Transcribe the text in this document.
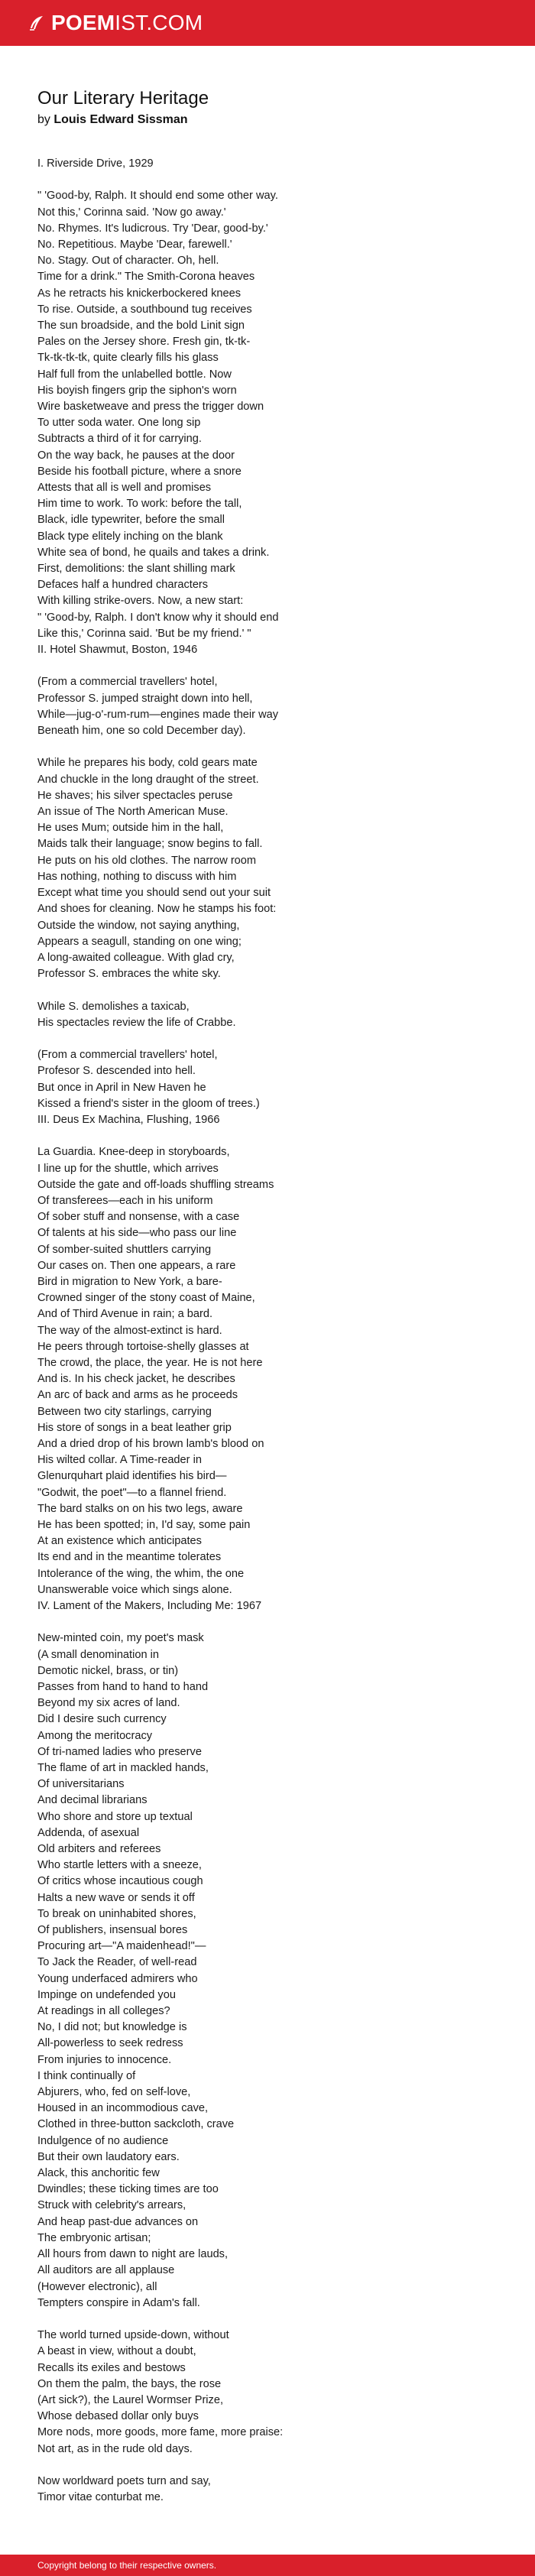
POEM IST.COM
Our Literary Heritage
by Louis Edward Sissman
I. Riverside Drive, 1929
" 'Good-by, Ralph. It should end some other way.
Not this,' Corinna said. 'Now go away.'
No. Rhymes. It's ludicrous. Try 'Dear, good-by.'
No. Repetitious. Maybe 'Dear, farewell.'
No. Stagy. Out of character. Oh, hell.
Time for a drink." The Smith-Corona heaves
As he retracts his knickerbockered knees
To rise. Outside, a southbound tug receives
The sun broadside, and the bold Linit sign
Pales on the Jersey shore. Fresh gin, tk-tk-
Tk-tk-tk-tk, quite clearly fills his glass
Half full from the unlabelled bottle. Now
His boyish fingers grip the siphon's worn
Wire basketweave and press the trigger down
To utter soda water. One long sip
Subtracts a third of it for carrying.
On the way back, he pauses at the door
Beside his football picture, where a snore
Attests that all is well and promises
Him time to work. To work: before the tall,
Black, idle typewriter, before the small
Black type elitely inching on the blank
White sea of bond, he quails and takes a drink.
First, demolitions: the slant shilling mark
Defaces half a hundred characters
With killing strike-overs. Now, a new start:
" 'Good-by, Ralph. I don't know why it should end
Like this,' Corinna said. 'But be my friend.' "
II. Hotel Shawmut, Boston, 1946
(From a commercial travellers' hotel,
Professor S. jumped straight down into hell,
While—jug-o'-rum-rum—engines made their way
Beneath him, one so cold December day).
While he prepares his body, cold gears mate
And chuckle in the long draught of the street.
He shaves; his silver spectacles peruse
An issue of The North American Muse.
He uses Mum; outside him in the hall,
Maids talk their language; snow begins to fall.
He puts on his old clothes. The narrow room
Has nothing, nothing to discuss with him
Except what time you should send out your suit
And shoes for cleaning. Now he stamps his foot:
Outside the window, not saying anything,
Appears a seagull, standing on one wing;
A long-awaited colleague. With glad cry,
Professor S. embraces the white sky.
While S. demolishes a taxicab,
His spectacles review the life of Crabbe.
(From a commercial travellers' hotel,
Profesor S. descended into hell.
But once in April in New Haven he
Kissed a friend's sister in the gloom of trees.)
III. Deus Ex Machina, Flushing, 1966
La Guardia. Knee-deep in storyboards,
I line up for the shuttle, which arrives
Outside the gate and off-loads shuffling streams
Of transferees—each in his uniform
Of sober stuff and nonsense, with a case
Of talents at his side—who pass our line
Of somber-suited shuttlers carrying
Our cases on. Then one appears, a rare
Bird in migration to New York, a bare-
Crowned singer of the stony coast of Maine,
And of Third Avenue in rain; a bard.
The way of the almost-extinct is hard.
He peers through tortoise-shelly glasses at
The crowd, the place, the year. He is not here
And is. In his check jacket, he describes
An arc of back and arms as he proceeds
Between two city starlings, carrying
His store of songs in a beat leather grip
And a dried drop of his brown lamb's blood on
His wilted collar. A Time-reader in
Glenurquhart plaid identifies his bird—
"Godwit, the poet"—to a flannel friend.
The bard stalks on on his two legs, aware
He has been spotted; in, I'd say, some pain
At an existence which anticipates
Its end and in the meantime tolerates
Intolerance of the wing, the whim, the one
Unanswerable voice which sings alone.
IV. Lament of the Makers, Including Me: 1967
New-minted coin, my poet's mask
(A small denomination in
Demotic nickel, brass, or tin)
Passes from hand to hand to hand
Beyond my six acres of land.
Did I desire such currency
Among the meritocracy
Of tri-named ladies who preserve
The flame of art in mackled hands,
Of universitarians
And decimal librarians
Who shore and store up textual
Addenda, of asexual
Old arbiters and referees
Who startle letters with a sneeze,
Of critics whose incautious cough
Halts a new wave or sends it off
To break on uninhabited shores,
Of publishers, insensual bores
Procuring art—"A maidenhead!"—
To Jack the Reader, of well-read
Young underfaced admirers who
Impinge on undefended you
At readings in all colleges?
No, I did not; but knowledge is
All-powerless to seek redress
From injuries to innocence.
I think continually of
Abjurers, who, fed on self-love,
Housed in an incommodious cave,
Clothed in three-button sackcloth, crave
Indulgence of no audience
But their own laudatory ears.
Alack, this anchoritic few
Dwindles; these ticking times are too
Struck with celebrity's arrears,
And heap past-due advances on
The embryonic artisan;
All hours from dawn to night are lauds,
All auditors are all applause
(However electronic), all
Tempters conspire in Adam's fall.
The world turned upside-down, without
A beast in view, without a doubt,
Recalls its exiles and bestows
On them the palm, the bays, the rose
(Art sick?), the Laurel Wormser Prize,
Whose debased dollar only buys
More nods, more goods, more fame, more praise:
Not art, as in the rude old days.
Now worldward poets turn and say,
Timor vitae conturbat me.
Copyright belong to their respective owners.
